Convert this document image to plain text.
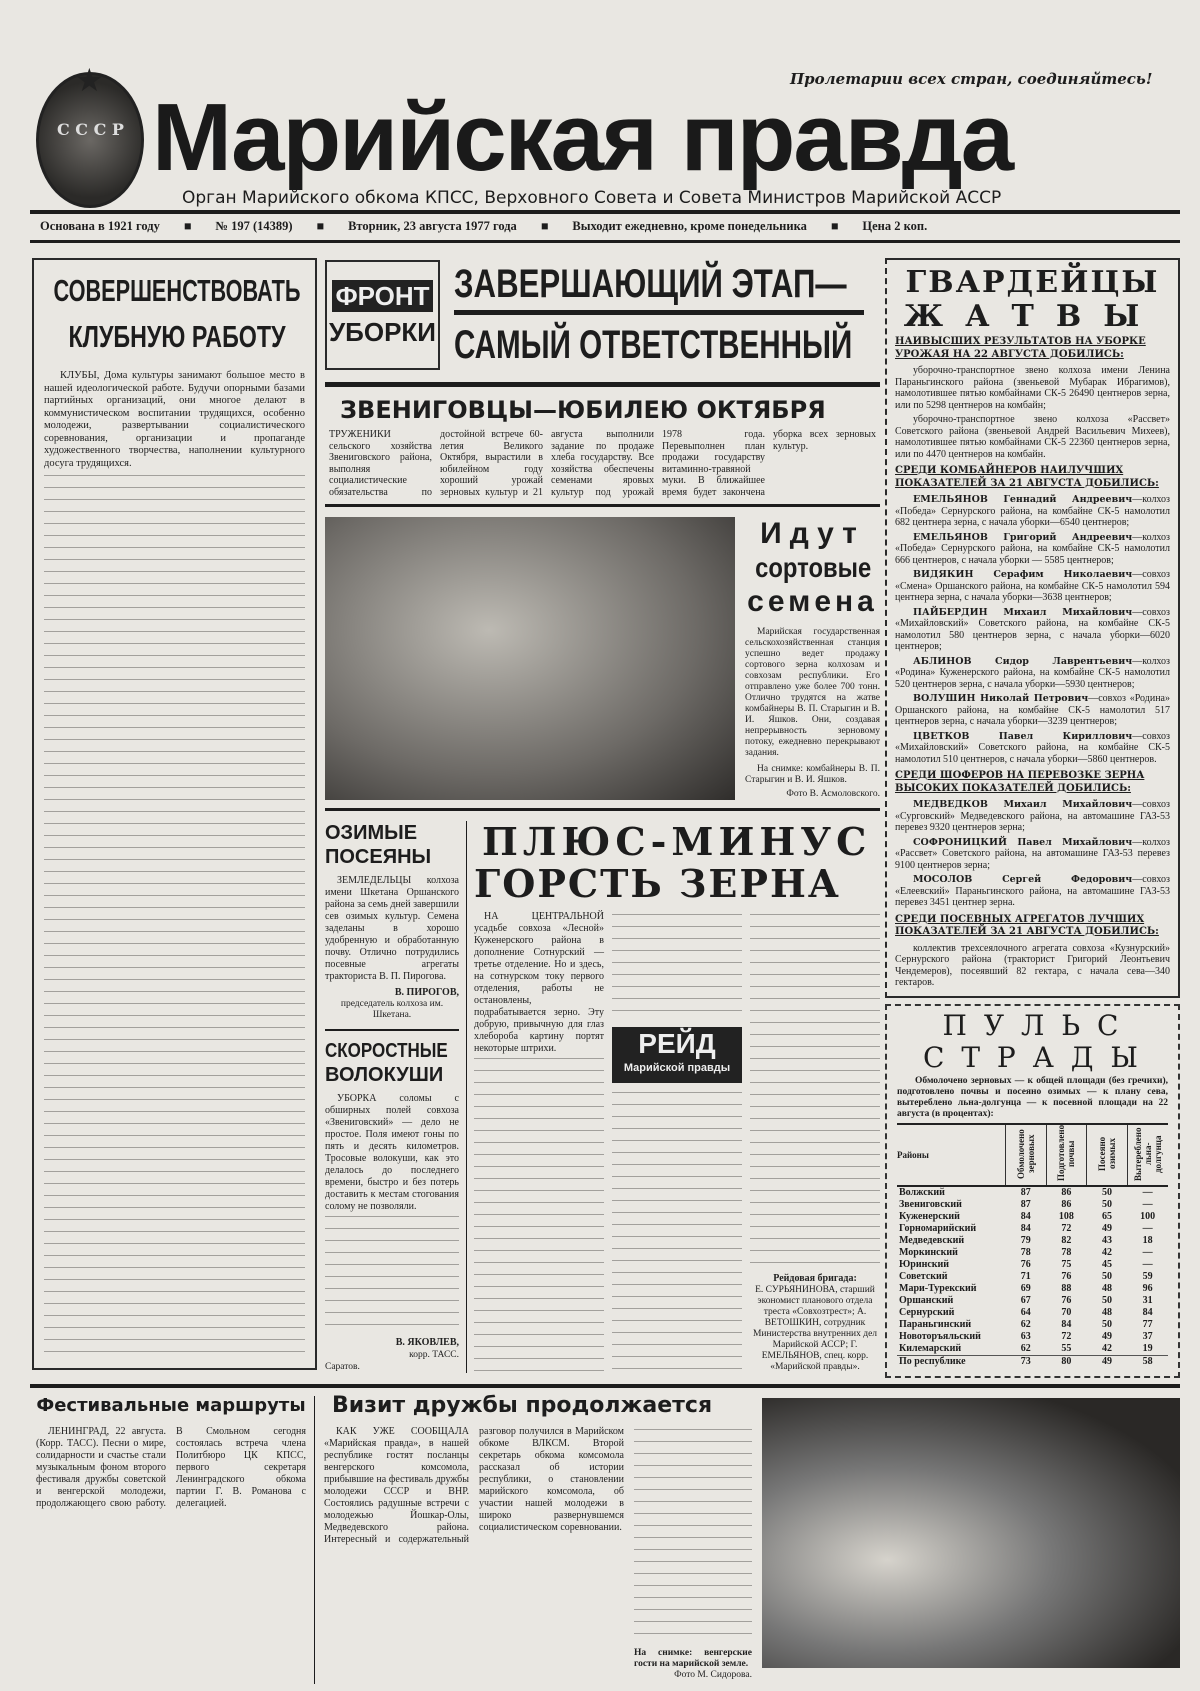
★
С С С Р
Пролетарии всех стран, соединяйтесь!
Марийская правда
Орган Марийского обкома КПСС, Верховного Совета и Совета Министров Марийской АССР
Основана в 1921 году ■ № 197 (14389) ■ Вторник, 23 августа 1977 года ■ Выходит ежедневно, кроме понедельника ■ Цена 2 коп.
СОВЕРШЕНСТВОВАТЬ
КЛУБНУЮ РАБОТУ
КЛУБЫ, Дома культуры занимают большое место в нашей идеологической работе. Будучи опорными базами партийных организаций, они многое делают в коммунистическом воспитании трудящихся, особенно молодежи, развертывании социалистического соревнования, организации и пропаганде художественного творчества, наполнении культурного досуга трудящихся.
ФРОНТ
УБОРКИ
ЗАВЕРШАЮЩИЙ ЭТАП—
САМЫЙ ОТВЕТСТВЕННЫЙ
ЗВЕНИГОВЦЫ—ЮБИЛЕЮ ОКТЯБРЯ
ТРУЖЕНИКИ сельского хозяйства Звениговского района, выполняя социалистические обязательства по достойной встрече 60-летия Великого Октября, вырастили в юбилейном году хороший урожай зерновых культур и 21 августа выполнили задание по продаже хлеба государству. Все хозяйства обеспечены семенами яровых культур под урожай 1978 года. Перевыполнен план продажи государству витаминно-травяной муки. В ближайшее время будет закончена уборка всех зерновых культур.
Идут
сортовые
семена
Марийская государственная сельскохозяйственная станция успешно ведет продажу сортового зерна колхозам и совхозам республики. Его отправлено уже более 700 тонн. Отлично трудятся на жатве комбайнеры В. П. Старыгин и В. И. Яшков. Они, создавая непрерывность зерновому потоку, ежедневно перекрывают задания.
На снимке: комбайнеры В. П. Старыгин и В. И. Яшков.
Фото В. Асмоловского.
ОЗИМЫЕ
ПОСЕЯНЫ
ЗЕМЛЕДЕЛЬЦЫ колхоза имени Шкетана Оршанского района за семь дней завершили сев озимых культур. Семена заделаны в хорошо удобренную и обработанную почву. Отлично потрудились посевные агрегаты тракториста В. П. Пирогова.
В. ПИРОГОВ,
председатель колхоза им. Шкетана.
СКОРОСТНЫЕ
ВОЛОКУШИ
УБОРКА соломы с обширных полей совхоза «Звениговский» — дело не простое. Поля имеют гоны по пять и десять километров. Тросовые волокуши, как это делалось до последнего времени, быстро и без потерь доставить к местам стогования солому не позволяли.
В. ЯКОВЛЕВ,
корр. ТАСС.
Саратов.
ПЛЮС-МИНУС
ГОРСТЬ ЗЕРНА
НА ЦЕНТРАЛЬНОЙ усадьбе совхоза «Лесной» Куженерского района в дополнение Сотнурский — третье отделение. Но и здесь, на сотнурском току первого отделения, работы не остановлены, подрабатывается зерно. Эту добрую, привычную для глаз хлебороба картину портят некоторые штрихи.	РЕЙД
Марийской правды
Рейдовая бригада:
Е. СУРЬЯНИНОВА, старший экономист планового отдела треста «Совхозтрест»; А. ВЕТОШКИН, сотрудник Министерства внутренних дел Марийской АССР; Г. ЕМЕЛЬЯНОВ, спец. корр. «Марийской правды».
ГВАРДЕЙЦЫ
ЖАТВЫ
НАИВЫСШИХ РЕЗУЛЬТАТОВ НА УБОРКЕ УРОЖАЯ НА 22 АВГУСТА ДОБИЛИСЬ:
уборочно-транспортное звено колхоза имени Ленина Параньгинского района (звеньевой Мубарак Ибрагимов), намолотившее пятью комбайнами СК-5 26490 центнеров зерна, или по 5298 центнеров на комбайн;
уборочно-транспортное звено колхоза «Рассвет» Советского района (звеньевой Андрей Васильевич Михеев), намолотившее пятью комбайнами СК-5 22360 центнеров зерна, или по 4470 центнеров на комбайн.
СРЕДИ КОМБАЙНЕРОВ НАИЛУЧШИХ ПОКАЗАТЕЛЕЙ ЗА 21 АВГУСТА ДОБИЛИСЬ:
ЕМЕЛЬЯНОВ Геннадий Андреевич—колхоз «Победа» Сернурского района, на комбайне СК-5 намолотил 682 центнера зерна, с начала уборки—6540 центнеров;
ЕМЕЛЬЯНОВ Григорий Андреевич—колхоз «Победа» Сернурского района, на комбайне СК-5 намолотил 666 центнеров, с начала уборки — 5585 центнеров;
ВИДЯКИН Серафим Николаевич—совхоз «Смена» Оршанского района, на комбайне СК-5 намолотил 594 центнера зерна, с начала уборки—3638 центнеров;
ПАЙБЕРДИН Михаил Михайлович—совхоз «Михайловский» Советского района, на комбайне СК-5 намолотил 580 центнеров зерна, с начала уборки—6020 центнеров;
АБЛИНОВ Сидор Лаврентьевич—колхоз «Родина» Куженерского района, на комбайне СК-5 намолотил 520 центнеров зерна, с начала уборки—5930 центнеров;
ВОЛУШИН Николай Петрович—совхоз «Родина» Оршанского района, на комбайне СК-5 намолотил 517 центнеров зерна, с начала уборки—3239 центнеров;
ЦВЕТКОВ Павел Кириллович—совхоз «Михайловский» Советского района, на комбайне СК-5 намолотил 510 центнеров, с начала уборки—5860 центнеров.
СРЕДИ ШОФЕРОВ НА ПЕРЕВОЗКЕ ЗЕРНА ВЫСОКИХ ПОКАЗАТЕЛЕЙ ДОБИЛИСЬ:
МЕДВЕДКОВ Михаил Михайлович—совхоз «Сурговский» Медведевского района, на автомашине ГАЗ-53 перевез 9320 центнеров зерна;
СОФРОНИЦКИЙ Павел Михайлович—колхоз «Рассвет» Советского района, на автомашине ГАЗ-53 перевез 9100 центнеров зерна;
МОСОЛОВ Сергей Федорович—совхоз «Елеевский» Параньгинского района, на автомашине ГАЗ-53 перевез 3451 центнер зерна.
СРЕДИ ПОСЕВНЫХ АГРЕГАТОВ ЛУЧШИХ ПОКАЗАТЕЛЕЙ ЗА 21 АВГУСТА ДОБИЛИСЬ:
коллектив трехсеялочного агрегата совхоза «Кузнурский» Сернурского района (тракторист Григорий Леонтьевич Чендемеров), посеявший 82 гектара, с начала сева—340 гектаров.
П У Л Ь С
С Т Р А Д Ы
Обмолочено зерновых — к общей площади (без гречихи), подготовлено почвы и посеяно озимых — к плану сева, вытереблено льна-долгунца — к посевной площади на 22 августа (в процентах):
Районы	Обмолочено зерновых	Подготовлено почвы	Посеяно озимых	Вытереблено льна-долгунца
Волжский	87	86	50	—
Звениговский	87	86	50	—
Куженерский	84	108	65	100
Горномарийский	84	72	49	—
Медведевский	79	82	43	18
Моркинский	78	78	42	—
Юринский	76	75	45	—
Советский	71	76	50	59
Мари-Турекский	69	88	48	96
Оршанский	67	76	50	31
Сернурский	64	70	48	84
Параньгинский	62	84	50	77
Новоторъяльский	63	72	49	37
Килемарский	62	55	42	19
По республике	73	80	49	58
Фестивальные маршруты
ЛЕНИНГРАД, 22 августа. (Корр. ТАСС). Песни о мире, солидарности и счастье стали музыкальным фоном второго фестиваля дружбы советской и венгерской молодежи, продолжающего свою работу. В Смольном сегодня состоялась встреча члена Политбюро ЦК КПСС, первого секретаря Ленинградского обкома партии Г. В. Романова с делегацией.
Визит дружбы продолжается
КАК УЖЕ СООБЩАЛА «Марийская правда», в нашей республике гостят посланцы венгерского комсомола, прибывшие на фестиваль дружбы молодежи СССР и ВНР. Состоялись радушные встречи с молодежью Йошкар-Олы, Медведевского района. Интересный и содержательный разговор получился в Марийском обкоме ВЛКСМ. Второй секретарь обкома комсомола рассказал об истории республики, о становлении марийского комсомола, об участии нашей молодежи в широко развернувшемся социалистическом соревновании.
На снимке: венгерские гости на марийской земле.
Фото М. Сидорова.
